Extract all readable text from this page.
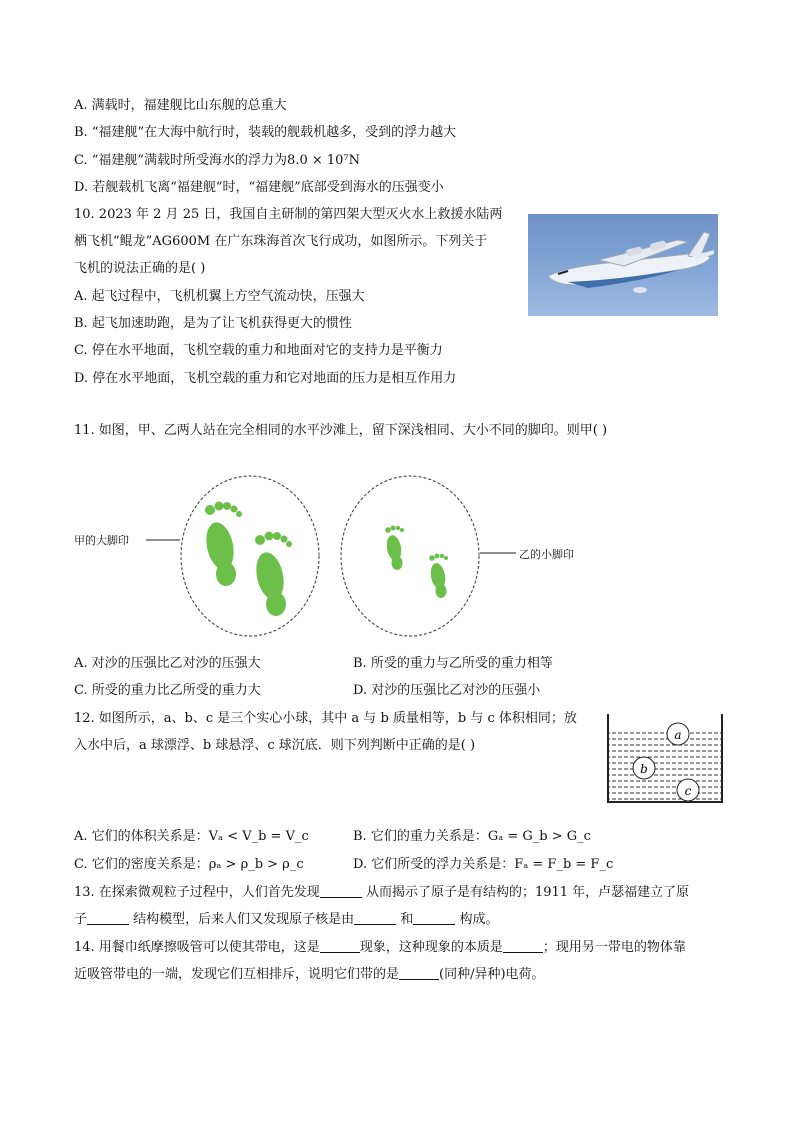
A. 满载时，福建舰比山东舰的总重大
B. “福建舰”在大海中航行时，装载的舰载机越多，受到的浮力越大
C. “福建舰”满载时所受海水的浮力为8.0 × 10⁷N
D. 若舰载机飞离“福建舰”时，“福建舰”底部受到海水的压强变小
10. 2023 年 2 月 25 日，我国自主研制的第四架大型灭火水上救援水陆两
栖飞机“鲲龙”AG600M 在广东珠海首次飞行成功，如图所示。下列关于
飞机的说法正确的是( )
A. 起飞过程中，飞机机翼上方空气流动快，压强大
B. 起飞加速助跑，是为了让飞机获得更大的惯性
C. 停在水平地面，飞机空载的重力和地面对它的支持力是平衡力
D. 停在水平地面，飞机空载的重力和它对地面的压力是相互作用力
11. 如图，甲、乙两人站在完全相同的水平沙滩上，留下深浅相同、大小不同的脚印。则甲( )
甲的大脚印
乙的小脚印
A. 对沙的压强比乙对沙的压强大	B. 所受的重力与乙所受的重力相等
C. 所受的重力比乙所受的重力大	D. 对沙的压强比乙对沙的压强小
12. 如图所示，a、b、c 是三个实心小球，其中 a 与 b 质量相等，b 与 c 体积相同；放
入水中后，a 球漂浮、b 球悬浮、c 球沉底．则下列判断中正确的是( )
a
b
c
A. 它们的体积关系是：Vₐ < V_b = V_c	B. 它们的重力关系是：Gₐ = G_b > G_c
C. 它们的密度关系是：ρₐ > ρ_b > ρ_c	D. 它们所受的浮力关系是：Fₐ = F_b = F_c
13. 在探索微观粒子过程中，人们首先发现	从而揭示了原子是有结构的；1911 年，卢瑟福建立了原
子	结构模型，后来人们又发现原子核是由	和	构成。
14. 用餐巾纸摩擦吸管可以使其带电，这是	现象，这种现象的本质是	；现用另一带电的物体靠
近吸管带电的一端，发现它们互相排斥，说明它们带的是	(同种/异种)电荷。
